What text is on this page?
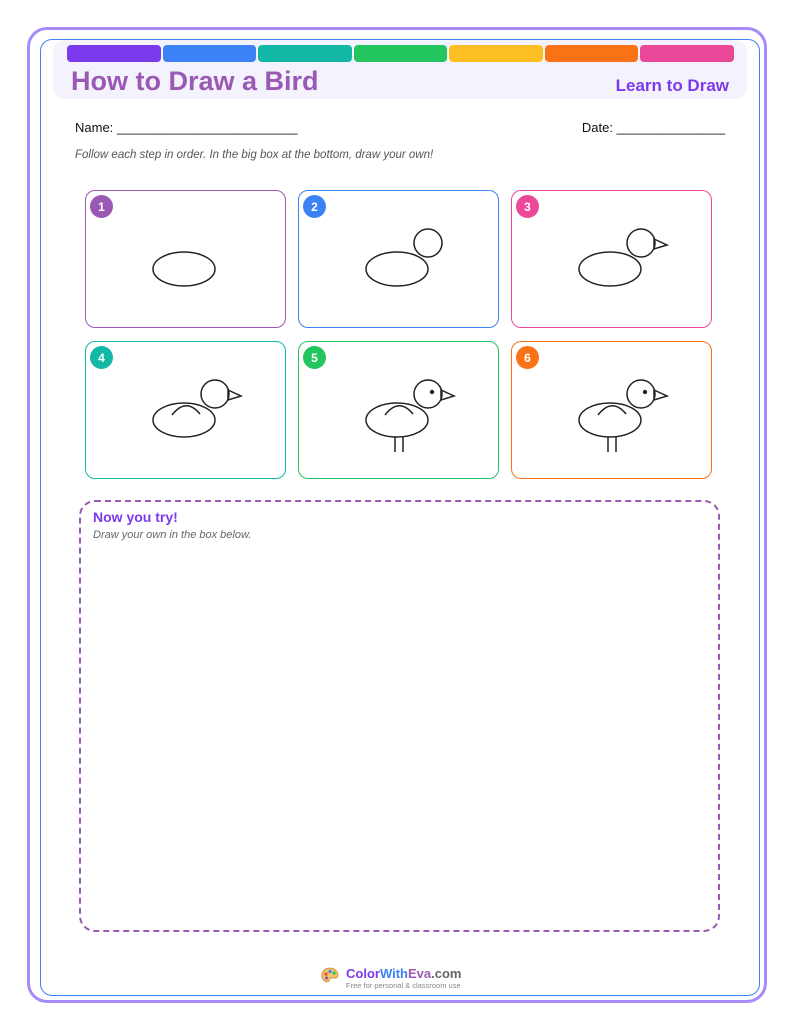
How to Draw a Bird	Learn to Draw
Name: _________________________	Date: _______________
Follow each step in order. In the big box at the bottom, draw your own!
1	2	3
4	5	6
Now you try!
Draw your own in the box below.
ColorWithEva.com
Free for personal & classroom use
